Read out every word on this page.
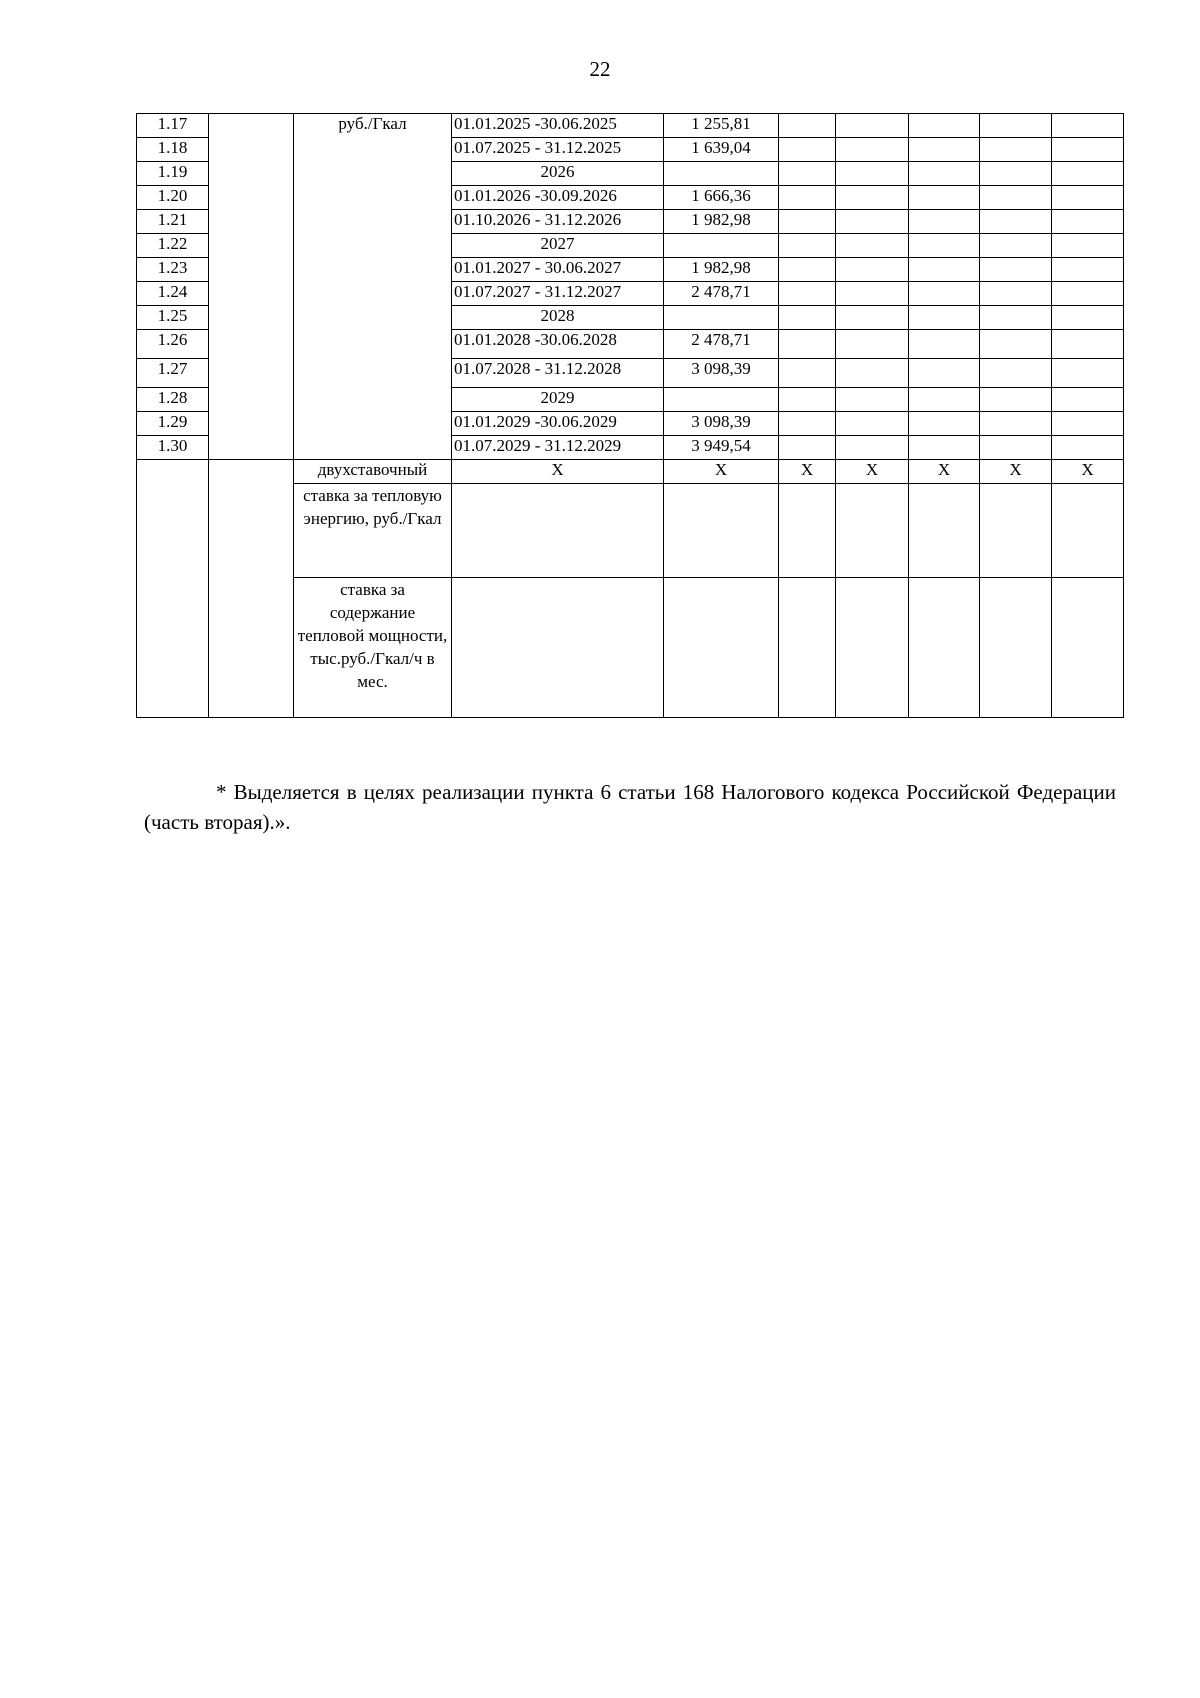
22
1.17		руб./Гкал	01.01.2025 -30.06.2025	1 255,81					
1.18			01.07.2025 - 31.12.2025	1 639,04					
1.19			2026						
1.20			01.01.2026 -30.09.2026	1 666,36					
1.21			01.10.2026 - 31.12.2026	1 982,98					
1.22			2027						
1.23			01.01.2027 - 30.06.2027	1 982,98					
1.24			01.07.2027 - 31.12.2027	2 478,71					
1.25			2028						
1.26			01.01.2028 -30.06.2028	2 478,71					
1.27			01.07.2028 - 31.12.2028	3 098,39					
1.28			2029						
1.29			01.01.2029 -30.06.2029	3 098,39					
1.30			01.07.2029 - 31.12.2029	3 949,54					
		двухставочный	X	X	X	X	X	X	X
		ставка за тепловую энергию, руб./Гкал							
		ставка за содержание тепловой мощности, тыс.руб./Гкал/ч в мес.							

* Выделяется в целях реализации пункта 6 статьи 168 Налогового кодекса Российской Федерации (часть вторая).».
